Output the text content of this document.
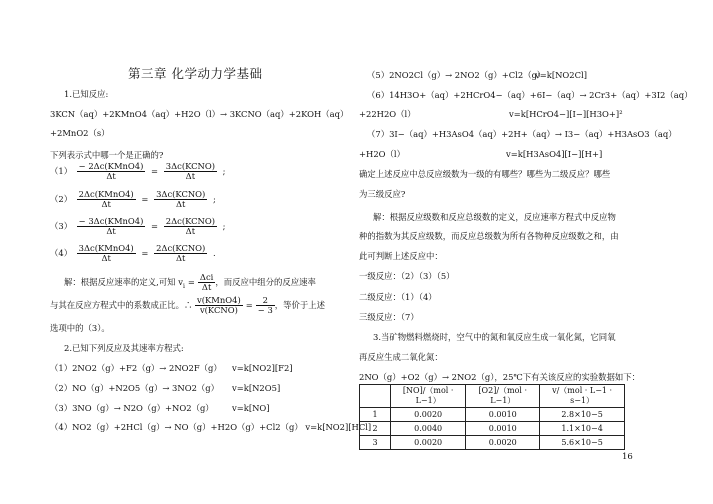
第三章 化学动力学基础
1.已知反应:
3KCN（aq）+2KMnO4（aq）+H2O（l）→ 3KCNO（aq）+2KOH（aq）
+2MnO2（s）
下列表示式中哪一个是正确的?
$(1) \frac{\text{− 2Δc(KMnO4)}}{\Delta t} = \frac{\text{3Δc(KCNO)}}{\Delta t}$ ;
$(2) \frac{\text{2Δc(KMnO4)}}{\Delta t} = \frac{\text{3Δc(KCNO)}}{\Delta t}$ ;
$(3) \frac{\text{− 3Δc(KMnO4)}}{\Delta t} = \frac{\text{2Δc(KCNO)}}{\Delta t}$ ;
$(4) \frac{\text{3Δc(KMnO4)}}{\Delta t} = \frac{\text{2Δc(KCNO)}}{\Delta t}$ .
解：根据反应速率的定义,可知 $v_i = \frac{\text{Δci}}{\Delta t}$ ，而反应中组分的反应速率
与其在反应方程式中的系数成正比。∴ $\frac{\text{v(KMnO4)}}{\text{v(KCNO)}} = \frac{2}{- 3}$ ，等价于上述
选项中的（3）。
2.已知下列反应及其速率方程式:
（1）2NO2（g）+F2（g）→ 2NO2F（g） v=k[NO2][F2]
（2）NO（g）+N2O5（g）→ 3NO2（g） v=k[N2O5]
（3）3NO（g）→ N2O（g）+NO2（g） v=k[NO]
（4）NO2（g）+2HCl（g）→ NO（g）+H2O（g）+Cl2（g） v=k[NO2][HCl]
（5）2NO2Cl（g）→ 2NO2（g）+Cl2（g）
v=k[NO2Cl]
（6）14H3O+（aq）+2HCrO4−（aq）+6I−（aq）→ 2Cr3+（aq）+3I2（aq）
+22H2O（l）	v=k[HCrO4−][I−][H3O+]²
（7）3I−（aq）+H3AsO4（aq）+2H+（aq）→ I3−（aq）+H3AsO3（aq）
+H2O（l）	v=k[H3AsO4][I−][H+]
确定上述反应中总反应级数为一级的有哪些？哪些为二级反应？哪些
为三级反应?
解：根据反应级数和反应总级数的定义，反应速率方程式中反应物
种的指数为其反应级数，而反应总级数为所有各物种反应级数之和，由
此可判断上述反应中：
一级反应：（2）（3）（5）
二级反应：（1）（4）
三级反应：（7）
3.当矿物燃料燃烧时，空气中的氮和氧反应生成一氧化氮，它同氧
再反应生成二氧化氮：
2NO（g）+O2（g）→ 2NO2（g），25℃下有关该反应的实验数据如下：
	[NO]/（mol · L−1）	[O2]/（mol · L−1）	v/（mol · L−1 · s−1）
1	0.0020	0.0010	2.8×10−5
2	0.0040	0.0010	1.1×10−4
3	0.0020	0.0020	5.6×10−5
16
